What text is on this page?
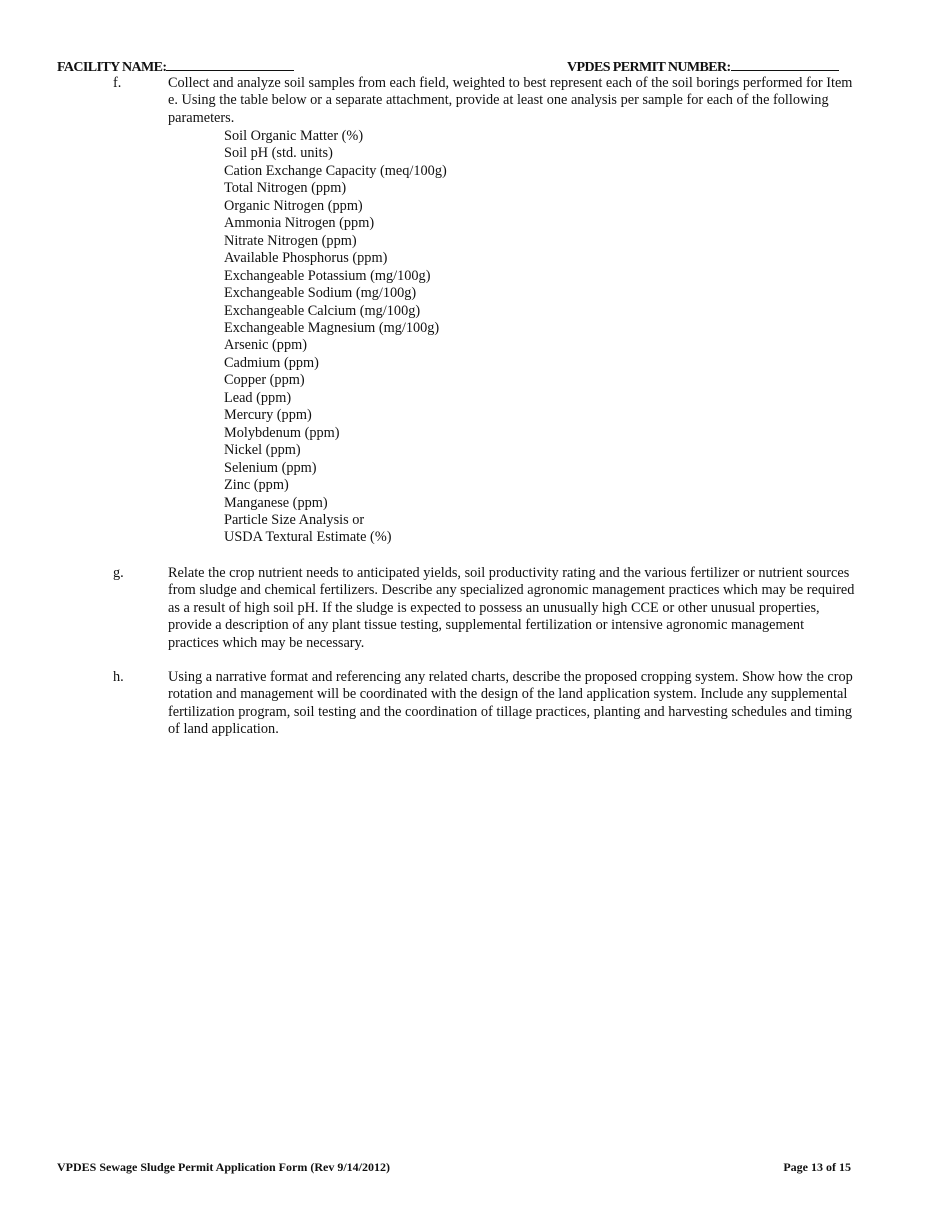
FACILITY NAME:	VPDES PERMIT NUMBER:
f.	Collect and analyze soil samples from each field, weighted to best represent each of the soil borings performed for Item e. Using the table below or a separate attachment, provide at least one analysis per sample for each of the following parameters.
Soil Organic Matter (%)
Soil pH (std. units)
Cation Exchange Capacity (meq/100g)
Total Nitrogen (ppm)
Organic Nitrogen (ppm)
Ammonia Nitrogen (ppm)
Nitrate Nitrogen (ppm)
Available Phosphorus (ppm)
Exchangeable Potassium (mg/100g)
Exchangeable Sodium (mg/100g)
Exchangeable Calcium (mg/100g)
Exchangeable Magnesium (mg/100g)
Arsenic (ppm)
Cadmium (ppm)
Copper (ppm)
Lead (ppm)
Mercury (ppm)
Molybdenum (ppm)
Nickel (ppm)
Selenium (ppm)
Zinc (ppm)
Manganese (ppm)
Particle Size Analysis or
USDA Textural Estimate (%)
g.	Relate the crop nutrient needs to anticipated yields, soil productivity rating and the various fertilizer or nutrient sources from sludge and chemical fertilizers. Describe any specialized agronomic management practices which may be required as a result of high soil pH. If the sludge is expected to possess an unusually high CCE or other unusual properties, provide a description of any plant tissue testing, supplemental fertilization or intensive agronomic management practices which may be necessary.
h.	Using a narrative format and referencing any related charts, describe the proposed cropping system. Show how the crop rotation and management will be coordinated with the design of the land application system. Include any supplemental fertilization program, soil testing and the coordination of tillage practices, planting and harvesting schedules and timing of land application.
VPDES Sewage Sludge Permit Application Form (Rev 9/14/2012)	Page 13 of 15
